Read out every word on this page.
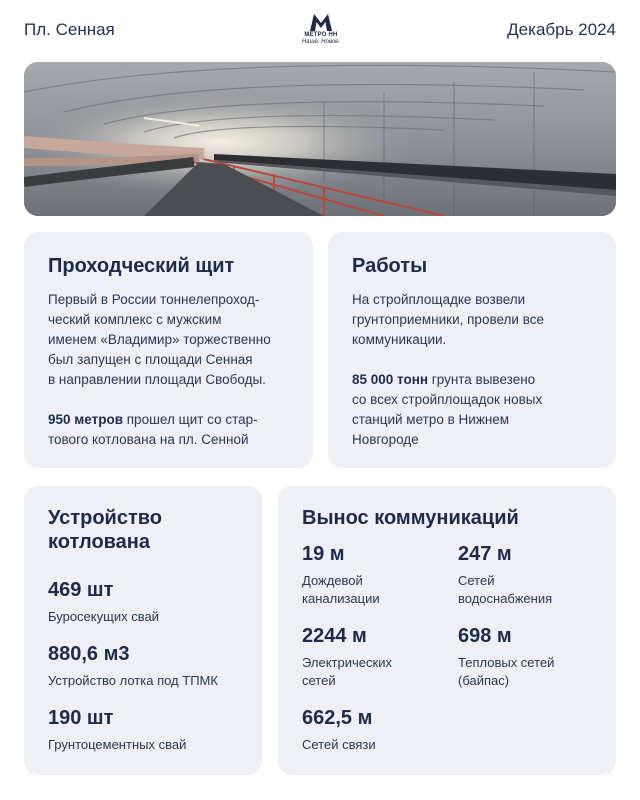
Пл. Сенная	МЕТРО НН
Наше. Новое.
Декабрь 2024
Проходческий щит
Первый в России тоннелепроход-
ческий комплекс с мужским
именем «Владимир» торжественно
был запущен с площади Сенная
в направлении площади Свободы.
950 метров прошел щит со стар-
тового котлована на пл. Сенной
Работы
На стройплощадке возвели
грунтоприемники, провели все
коммуникации.
85 000 тонн грунта вывезено
со всех стройплощадок новых
станций метро в Нижнем
Новгороде
Устройство
котлована
469 шт
Буросекущих свай
880,6 м3
Устройство лотка под ТПМК
190 шт
Грунтоцементных свай
Вынос коммуникаций
19 м
Дождевой
канализации
247 м
Сетей
водоснабжения
2244 м
Электрических
сетей
698 м
Тепловых сетей
(байпас)
662,5 м
Сетей связи
